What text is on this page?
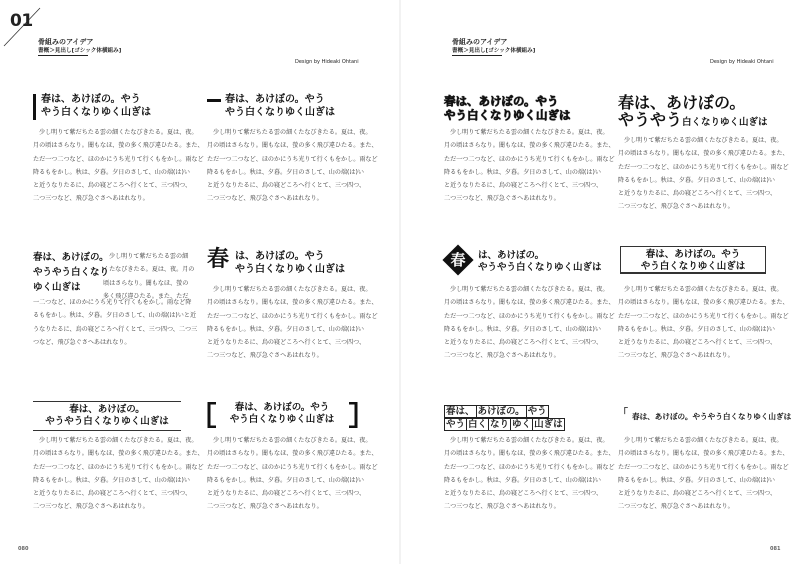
01
骨組みのアイデア
書概＞見出し[ゴシック体横組み]
Design by Hideaki Ohtani
骨組みのアイデア
書概＞見出し[ゴシック体横組み]
Design by Hideaki Ohtani
春は、あけぼの。やう
やう白くなりゆく山ぎは
少し明りて紫だちたる雲の細くたなびきたる。夏は、夜。
月の頃はさらなり。闇もなほ、螢の多く飛び違ひたる。また、
ただ一つ二つなど、ほのかにうち光りて行くもをかし。雨など
降るもをかし。秋は、夕暮。夕日のさして、山の端(は)い
と近うなりたるに、烏の寝どころへ行くとて、三つ四つ、
二つ三つなど、飛び急ぐさへあはれなり。
春は、あけぼの。やう
やう白くなりゆく山ぎは
少し明りて紫だちたる雲の細くたなびきたる。夏は、夜。
月の頃はさらなり。闇もなほ、螢の多く飛び違ひたる。また、
ただ一つ二つなど、ほのかにうち光りて行くもをかし。雨など
降るもをかし。秋は、夕暮。夕日のさして、山の端(は)い
と近うなりたるに、烏の寝どころへ行くとて、三つ四つ、
二つ三つなど、飛び急ぐさへあはれなり。
春は、あけぼの。
やうやう白くなり
ゆく山ぎは
少し明りて紫だちたる雲の細
くたなびきたる。夏は、夜。月の
頃はさらなり。闇もなほ、螢の
多く飛び違ひたる。また、ただ
一二つなど、ほのかにうち光りて行くもをかし。雨など降
るもをかし。秋は、夕暮。夕日のさして、山の端(は)いと近
うなりたるに、烏の寝どころへ行くとて、三つ四つ、二つ三
つなど、飛び急ぐさへあはれなり。
春 は、あけぼの。やう
やう白くなりゆく山ぎは
少し明りて紫だちたる雲の細くたなびきたる。夏は、夜。
月の頃はさらなり。闇もなほ、螢の多く飛び違ひたる。また、
ただ一つ二つなど、ほのかにうち光りて行くもをかし。雨など
降るもをかし。秋は、夕暮。夕日のさして、山の端(は)い
と近うなりたるに、烏の寝どころへ行くとて、三つ四つ、
二つ三つなど、飛び急ぐさへあはれなり。
春は、あけぼの。
やうやう白くなりゆく山ぎは
少し明りて紫だちたる雲の細くたなびきたる。夏は、夜。
月の頃はさらなり。闇もなほ、螢の多く飛び違ひたる。また、
ただ一つ二つなど、ほのかにうち光りて行くもをかし。雨など
降るもをかし。秋は、夕暮。夕日のさして、山の端(は)い
と近うなりたるに、烏の寝どころへ行くとて、三つ四つ、
二つ三つなど、飛び急ぐさへあはれなり。
春は、あけぼの。やう
やう白くなりゆく山ぎは
少し明りて紫だちたる雲の細くたなびきたる。夏は、夜。
月の頃はさらなり。闇もなほ、螢の多く飛び違ひたる。また、
ただ一つ二つなど、ほのかにうち光りて行くもをかし。雨など
降るもをかし。秋は、夕暮。夕日のさして、山の端(は)い
と近うなりたるに、烏の寝どころへ行くとて、三つ四つ、
二つ三つなど、飛び急ぐさへあはれなり。
春は、あけぼの。やう
やう白くなりゆく山ぎは
少し明りて紫だちたる雲の細くたなびきたる。夏は、夜。
月の頃はさらなり。闇もなほ、螢の多く飛び違ひたる。また、
ただ一つ二つなど、ほのかにうち光りて行くもをかし。雨など
降るもをかし。秋は、夕暮。夕日のさして、山の端(は)い
と近うなりたるに、烏の寝どころへ行くとて、三つ四つ、
二つ三つなど、飛び急ぐさへあはれなり。
春は、あけぼの。
やうやう白くなりゆく山ぎは
少し明りて紫だちたる雲の細くたなびきたる。夏は、夜。
月の頃はさらなり。闇もなほ、螢の多く飛び違ひたる。また、
ただ一つ二つなど、ほのかにうち光りて行くもをかし。雨など
降るもをかし。秋は、夕暮。夕日のさして、山の端(は)い
と近うなりたるに、烏の寝どころへ行くとて、三つ四つ、
二つ三つなど、飛び急ぐさへあはれなり。
春	は、あけぼの。
やうやう白くなりゆく山ぎは
少し明りて紫だちたる雲の細くたなびきたる。夏は、夜。
月の頃はさらなり。闇もなほ、螢の多く飛び違ひたる。また、
ただ一つ二つなど、ほのかにうち光りて行くもをかし。雨など
降るもをかし。秋は、夕暮。夕日のさして、山の端(は)い
と近うなりたるに、烏の寝どころへ行くとて、三つ四つ、
二つ三つなど、飛び急ぐさへあはれなり。
春は、あけぼの。やう
やう白くなりゆく山ぎは
少し明りて紫だちたる雲の細くたなびきたる。夏は、夜。
月の頃はさらなり。闇もなほ、螢の多く飛び違ひたる。また、
ただ一つ二つなど、ほのかにうち光りて行くもをかし。雨など
降るもをかし。秋は、夕暮。夕日のさして、山の端(は)い
と近うなりたるに、烏の寝どころへ行くとて、三つ四つ、
二つ三つなど、飛び急ぐさへあはれなり。
春は、 あけぼの。 やう
やう 白く なり ゆく 山ぎは
少し明りて紫だちたる雲の細くたなびきたる。夏は、夜。
月の頃はさらなり。闇もなほ、螢の多く飛び違ひたる。また、
ただ一つ二つなど、ほのかにうち光りて行くもをかし。雨など
降るもをかし。秋は、夕暮。夕日のさして、山の端(は)い
と近うなりたるに、烏の寝どころへ行くとて、三つ四つ、
二つ三つなど、飛び急ぐさへあはれなり。
「 春は、あけぼの。やうやう白くなりゆく山ぎは
少し明りて紫だちたる雲の細くたなびきたる。夏は、夜。
月の頃はさらなり。闇もなほ、螢の多く飛び違ひたる。また、
ただ一つ二つなど、ほのかにうち光りて行くもをかし。雨など
降るもをかし。秋は、夕暮。夕日のさして、山の端(は)い
と近うなりたるに、烏の寝どころへ行くとて、三つ四つ、
二つ三つなど、飛び急ぐさへあはれなり。
080	081
